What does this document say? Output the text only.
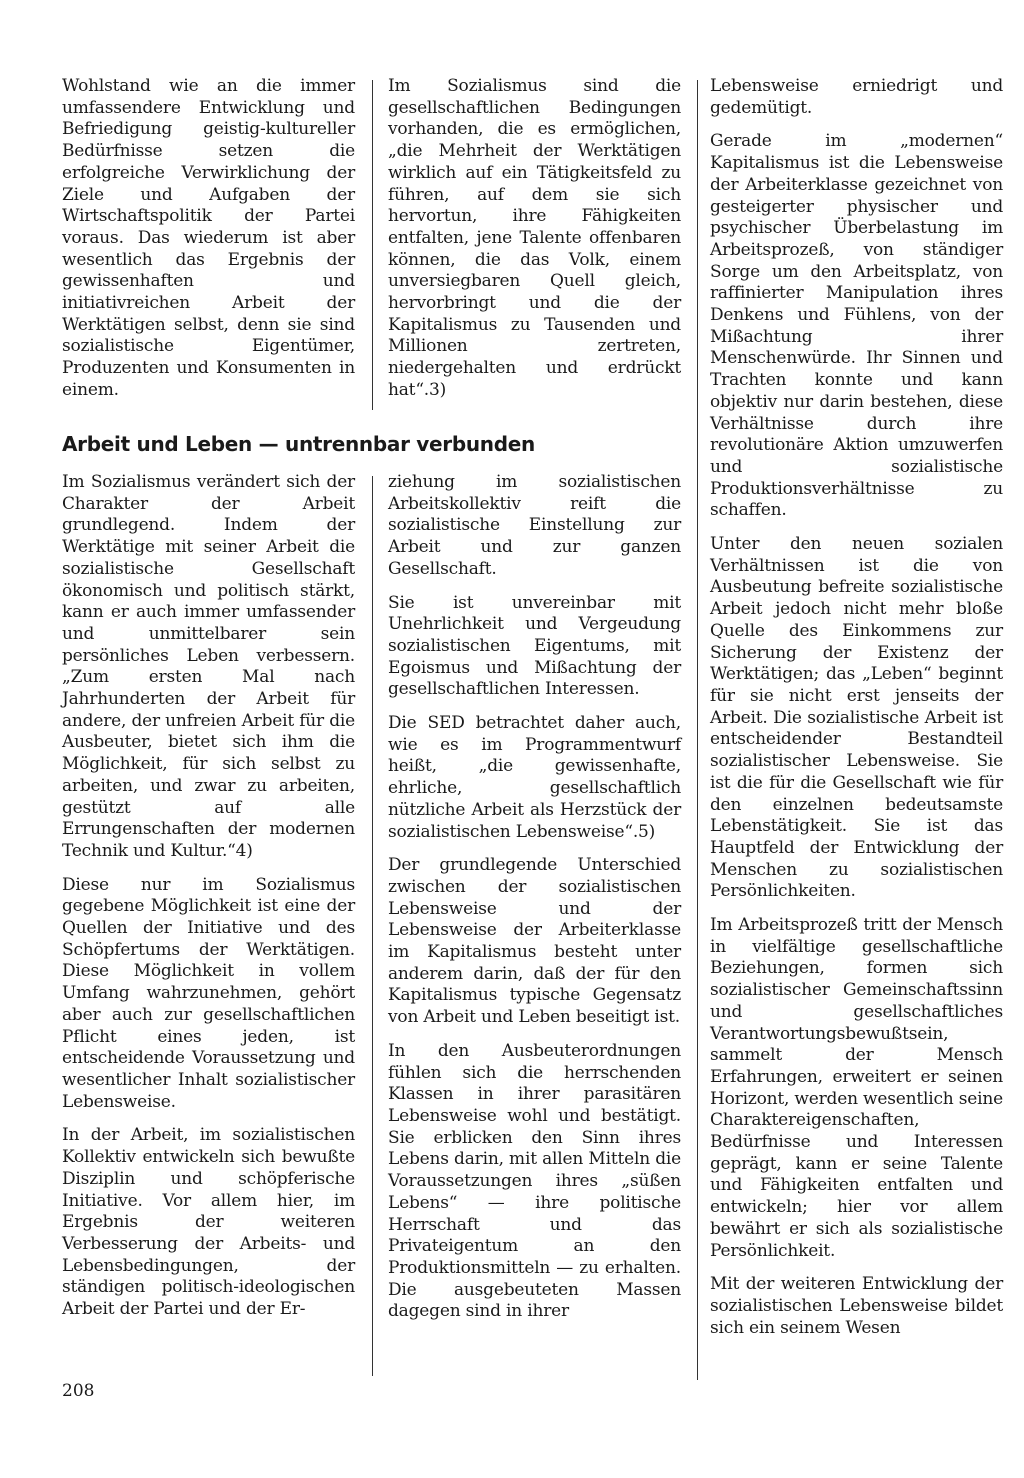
Wohlstand wie an die immer umfassendere Entwicklung und Befriedigung geistig-kultureller Bedürfnisse setzen die erfolgreiche Verwirklichung der Ziele und Aufgaben der Wirtschaftspolitik der Partei voraus. Das wiederum ist aber wesentlich das Ergebnis der gewissenhaften und initiativreichen Arbeit der Werktätigen selbst, denn sie sind sozialistische Eigentümer, Produzenten und Konsumenten in einem.

Im Sozialismus sind die gesellschaftlichen Bedingungen vorhanden, die es ermöglichen, „die Mehrheit der Werktätigen wirklich auf ein Tätigkeitsfeld zu führen, auf dem sie sich hervortun, ihre Fähigkeiten entfalten, jene Talente offenbaren können, die das Volk, einem unversiegbaren Quell gleich, hervorbringt und die der Kapitalismus zu Tausenden und Millionen zertreten, niedergehalten und erdrückt hat“.3)

Arbeit und Leben — untrennbar verbunden

Im Sozialismus verändert sich der Charakter der Arbeit grundlegend. Indem der Werktätige mit seiner Arbeit die sozialistische Gesellschaft ökonomisch und politisch stärkt, kann er auch immer umfassender und unmittelbarer sein persönliches Leben verbessern. „Zum ersten Mal nach Jahrhunderten der Arbeit für andere, der unfreien Arbeit für die Ausbeuter, bietet sich ihm die Möglichkeit, für sich selbst zu arbeiten, und zwar zu arbeiten, gestützt auf alle Errungenschaften der modernen Technik und Kultur.“4)

Diese nur im Sozialismus gegebene Möglichkeit ist eine der Quellen der Initiative und des Schöpfertums der Werktätigen. Diese Möglichkeit in vollem Umfang wahrzunehmen, gehört aber auch zur gesellschaftlichen Pflicht eines jeden, ist entscheidende Voraussetzung und wesentlicher Inhalt sozialistischer Lebensweise.

In der Arbeit, im sozialistischen Kollektiv entwickeln sich bewußte Disziplin und schöpferische Initiative. Vor allem hier, im Ergebnis der weiteren Verbesserung der Arbeits- und Lebensbedingungen, der ständigen politisch-ideologischen Arbeit der Partei und der Er-

ziehung im sozialistischen Arbeitskollektiv reift die sozialistische Einstellung zur Arbeit und zur ganzen Gesellschaft.

Sie ist unvereinbar mit Unehrlichkeit und Vergeudung sozialistischen Eigentums, mit Egoismus und Mißachtung der gesellschaftlichen Interessen.

Die SED betrachtet daher auch, wie es im Programmentwurf heißt, „die gewissenhafte, ehrliche, gesellschaftlich nützliche Arbeit als Herzstück der sozialistischen Lebensweise“.5)

Der grundlegende Unterschied zwischen der sozialistischen Lebensweise und der Lebensweise der Arbeiterklasse im Kapitalismus besteht unter anderem darin, daß der für den Kapitalismus typische Gegensatz von Arbeit und Leben beseitigt ist.

In den Ausbeuterordnungen fühlen sich die herrschenden Klassen in ihrer parasitären Lebensweise wohl und bestätigt. Sie erblicken den Sinn ihres Lebens darin, mit allen Mitteln die Voraussetzungen ihres „süßen Lebens“ — ihre politische Herrschaft und das Privateigentum an den Produktionsmitteln — zu erhalten. Die ausgebeuteten Massen dagegen sind in ihrer

Lebensweise erniedrigt und gedemütigt.

Gerade im „modernen“ Kapitalismus ist die Lebensweise der Arbeiterklasse gezeichnet von gesteigerter physischer und psychischer Überbelastung im Arbeitsprozeß, von ständiger Sorge um den Arbeitsplatz, von raffinierter Manipulation ihres Denkens und Fühlens, von der Mißachtung ihrer Menschenwürde. Ihr Sinnen und Trachten konnte und kann objektiv nur darin bestehen, diese Verhältnisse durch ihre revolutionäre Aktion umzuwerfen und sozialistische Produktionsverhältnisse zu schaffen.

Unter den neuen sozialen Verhältnissen ist die von Ausbeutung befreite sozialistische Arbeit jedoch nicht mehr bloße Quelle des Einkommens zur Sicherung der Existenz der Werktätigen; das „Leben“ beginnt für sie nicht erst jenseits der Arbeit. Die sozialistische Arbeit ist entscheidender Bestandteil sozialistischer Lebensweise. Sie ist die für die Gesellschaft wie für den einzelnen bedeutsamste Lebenstätigkeit. Sie ist das Hauptfeld der Entwicklung der Menschen zu sozialistischen Persönlichkeiten.

Im Arbeitsprozeß tritt der Mensch in vielfältige gesellschaftliche Beziehungen, formen sich sozialistischer Gemeinschaftssinn und gesellschaftliches Verantwortungsbewußtsein, sammelt der Mensch Erfahrungen, erweitert er seinen Horizont, werden wesentlich seine Charaktereigenschaften, Bedürfnisse und Interessen geprägt, kann er seine Talente und Fähigkeiten entfalten und entwickeln; hier vor allem bewährt er sich als sozialistische Persönlichkeit.

Mit der weiteren Entwicklung der sozialistischen Lebensweise bildet sich ein seinem Wesen

208
